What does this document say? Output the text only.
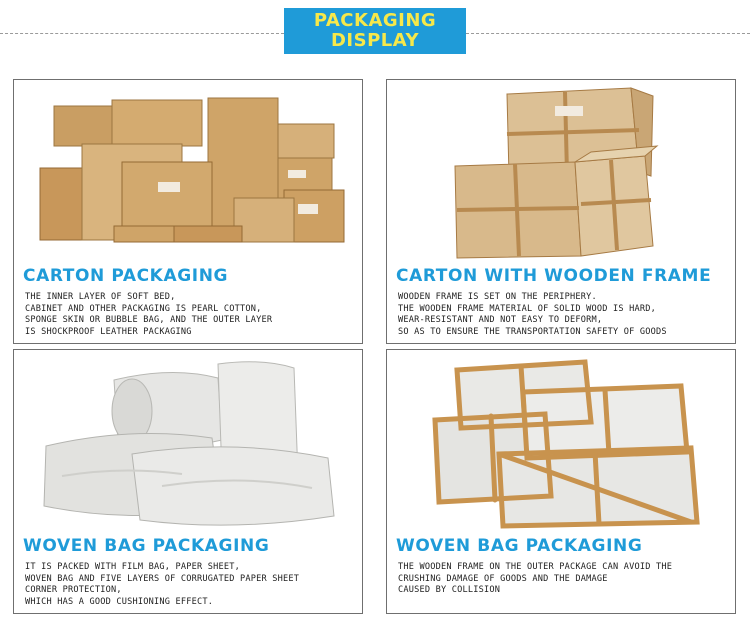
PACKAGING
DISPLAY
CARTON PACKAGING
THE INNER LAYER OF SOFT BED,
CABINET AND OTHER PACKAGING IS PEARL COTTON,
SPONGE SKIN OR BUBBLE BAG, AND THE OUTER LAYER
IS SHOCKPROOF LEATHER PACKAGING
CARTON WITH WOODEN FRAME
WOODEN FRAME IS SET ON THE PERIPHERY.
THE WOODEN FRAME MATERIAL OF SOLID WOOD IS HARD,
WEAR-RESISTANT AND NOT EASY TO DEFORM,
SO AS TO ENSURE THE TRANSPORTATION SAFETY OF GOODS
WOVEN BAG PACKAGING
IT IS PACKED WITH FILM BAG, PAPER SHEET,
WOVEN BAG AND FIVE LAYERS OF CORRUGATED PAPER SHEET
CORNER PROTECTION,
WHICH HAS A GOOD CUSHIONING EFFECT.
WOVEN BAG PACKAGING
THE WOODEN FRAME ON THE OUTER PACKAGE CAN AVOID THE
CRUSHING DAMAGE OF GOODS AND THE DAMAGE
CAUSED BY COLLISION
